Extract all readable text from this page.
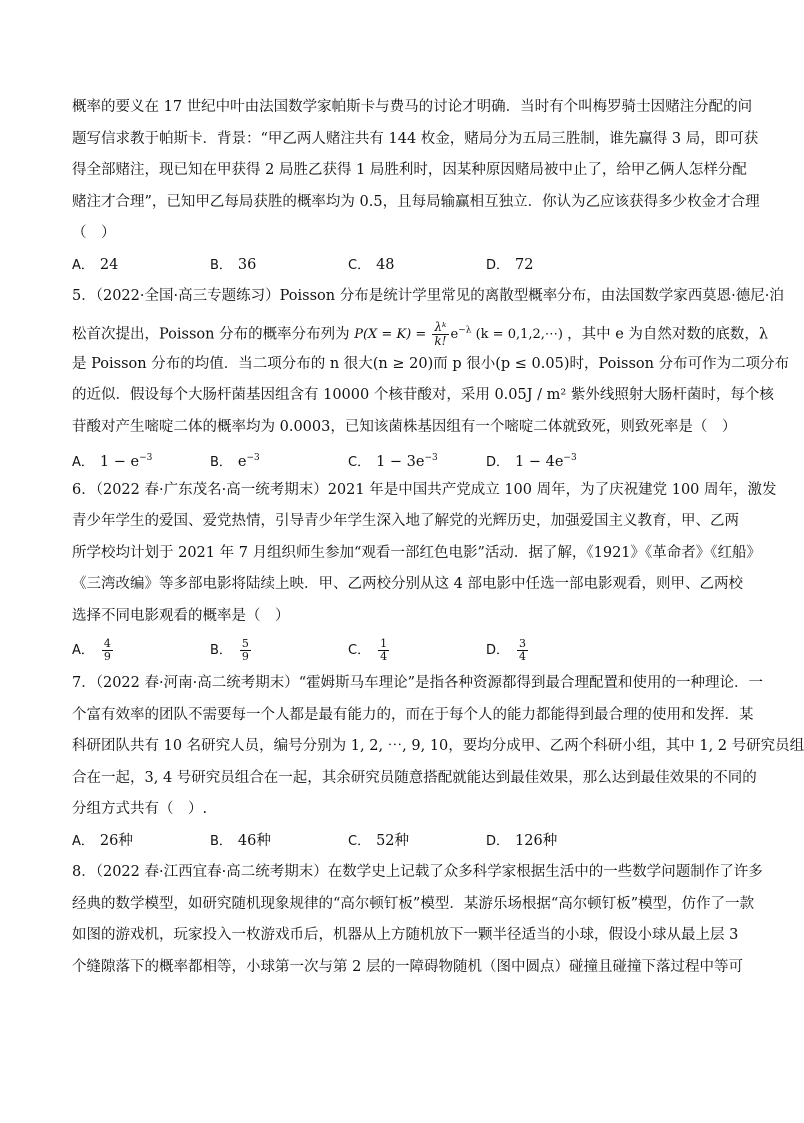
概率的要义在 17 世纪中叶由法国数学家帕斯卡与费马的讨论才明确．当时有个叫梅罗骑士因赌注分配的问
题写信求教于帕斯卡．背景：“甲乙两人赌注共有 144 枚金，赌局分为五局三胜制，谁先赢得 3 局，即可获
得全部赌注，现已知在甲获得 2 局胜乙获得 1 局胜利时，因某种原因赌局被中止了，给甲乙俩人怎样分配
赌注才合理”，已知甲乙每局获胜的概率均为 0.5，且每局输赢相互独立．你认为乙应该获得多少枚金才合理
（　）
A． 24	B． 36	C． 48	D． 72
5．（2022·全国·高三专题练习）Poisson 分布是统计学里常见的离散型概率分布，由法国数学家西莫恩·德尼·泊
松首次提出，Poisson 分布的概率分布列为 $P(X = K) = \frac{\text{λᵏ}}{k!} e^{-\lambda}$ (k = 0,1,2,⋯) ，其中 e 为自然对数的底数，λ
是 Poisson 分布的均值．当二项分布的 n 很大(n ≥ 20)而 p 很小(p ≤ 0.05)时，Poisson 分布可作为二项分布
的近似．假设每个大肠杆菌基因组含有 10000 个核苷酸对，采用 0.05J / m² 紫外线照射大肠杆菌时，每个核
苷酸对产生嘧啶二体的概率均为 0.0003，已知该菌株基因组有一个嘧啶二体就致死，则致死率是（　）
A． $1 - e^{-3}$	B． $e^{-3}$	C． $1 - 3e^{-3}$	D． $1 - 4e^{-3}$
6．（2022 春·广东茂名·高一统考期末）2021 年是中国共产党成立 100 周年，为了庆祝建党 100 周年，激发
青少年学生的爱国、爱党热情，引导青少年学生深入地了解党的光辉历史，加强爱国主义教育，甲、乙两
所学校均计划于 2021 年 7 月组织师生参加“观看一部红色电影”活动．据了解，《1921》《革命者》《红船》
《三湾改编》等多部电影将陆续上映．甲、乙两校分别从这 4 部电影中任选一部电影观看，则甲、乙两校
选择不同电影观看的概率是（　）
A． $\frac{4}{9}$	B． $\frac{5}{9}$	C． $\frac{1}{4}$	D． $\frac{3}{4}$
7．（2022 春·河南·高二统考期末）“霍姆斯马车理论”是指各种资源都得到最合理配置和使用的一种理论．一
个富有效率的团队不需要每一个人都是最有能力的，而在于每个人的能力都能得到最合理的使用和发挥．某
科研团队共有 10 名研究人员，编号分别为 1, 2, ⋯, 9, 10，要均分成甲、乙两个科研小组，其中 1, 2 号研究员组
合在一起，3, 4 号研究员组合在一起，其余研究员随意搭配就能达到最佳效果，那么达到最佳效果的不同的
分组方式共有（　）.
A． 26种	B． 46种	C． 52种	D． 126种
8．（2022 春·江西宜春·高二统考期末）在数学史上记载了众多科学家根据生活中的一些数学问题制作了许多
经典的数学模型，如研究随机现象规律的“高尔顿钉板”模型．某游乐场根据“高尔顿钉板”模型，仿作了一款
如图的游戏机，玩家投入一枚游戏币后，机器从上方随机放下一颗半径适当的小球，假设小球从最上层 3
个缝隙落下的概率都相等，小球第一次与第 2 层的一障碍物随机（图中圆点）碰撞且碰撞下落过程中等可
